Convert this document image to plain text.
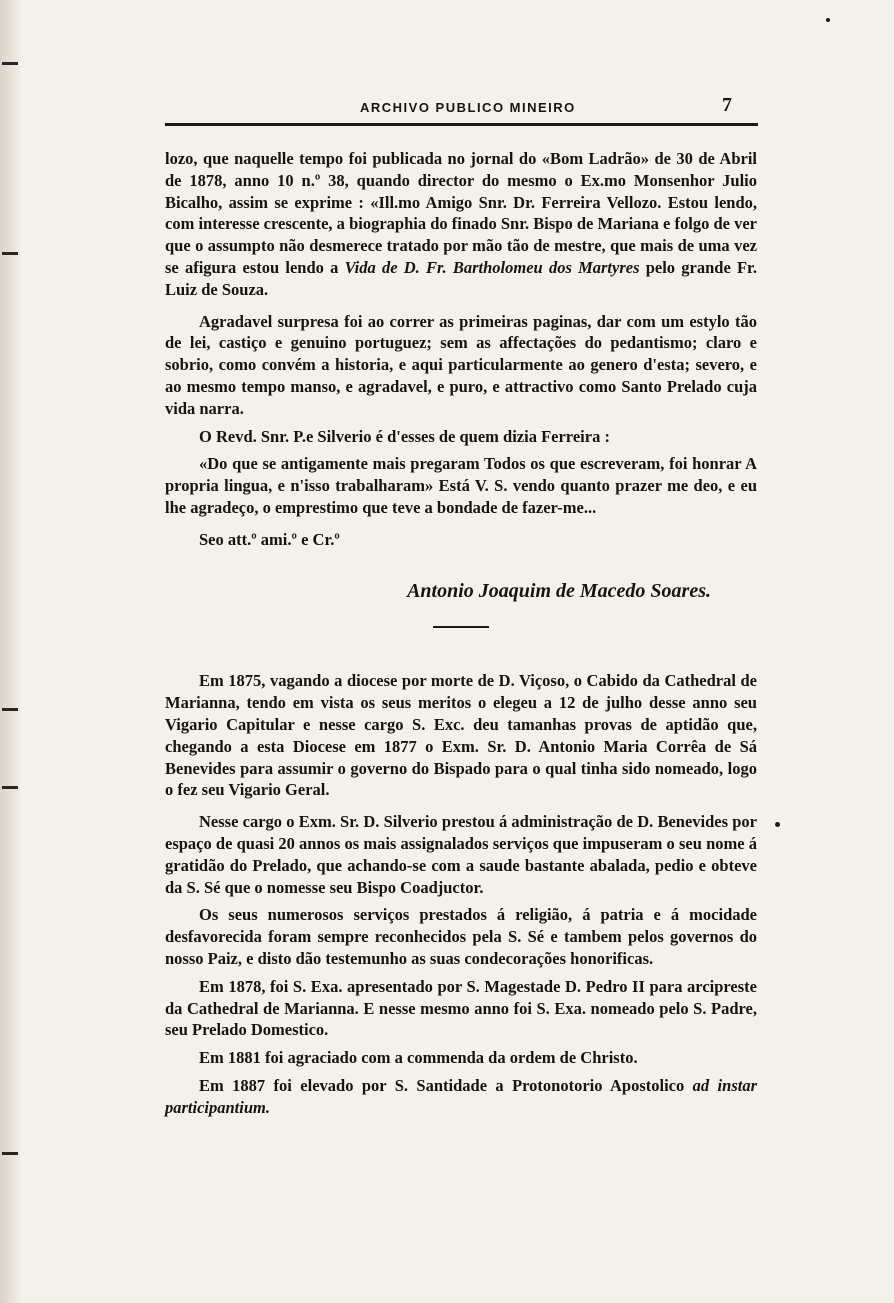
ARCHIVO PUBLICO MINEIRO	7

lozo, que naquelle tempo foi publicada no jornal do «Bom Ladrão» de 30 de Abril de 1878, anno 10 n.º 38, quando director do mesmo o Ex.mo Monsenhor Julio Bicalho, assim se exprime : «Ill.mo Amigo Snr. Dr. Ferreira Vellozo. Estou lendo, com interesse crescente, a biographia do finado Snr. Bispo de Mariana e folgo de ver que o assumpto não desmerece tratado por mão tão de mestre, que mais de uma vez se afigura estou lendo a Vida de D. Fr. Bartholomeu dos Martyres pelo grande Fr. Luiz de Souza.

Agradavel surpresa foi ao correr as primeiras paginas, dar com um estylo tão de lei, castiço e genuino portuguez; sem as affectações do pedantismo; claro e sobrio, como convém a historia, e aqui particularmente ao genero d'esta; severo, e ao mesmo tempo manso, e agradavel, e puro, e attractivo como Santo Prelado cuja vida narra.

O Revd. Snr. P.e Silverio é d'esses de quem dizia Ferreira :

«Do que se antigamente mais pregaram Todos os que escreveram, foi honrar A propria lingua, e n'isso trabalharam» Está V. S. vendo quanto prazer me deo, e eu lhe agradeço, o emprestimo que teve a bondade de fazer-me...

Seo att.º ami.º e Cr.º

Antonio Joaquim de Macedo Soares.

Em 1875, vagando a diocese por morte de D. Viçoso, o Cabido da Cathedral de Marianna, tendo em vista os seus meritos o elegeu a 12 de julho desse anno seu Vigario Capitular e nesse cargo S. Exc. deu tamanhas provas de aptidão que, chegando a esta Diocese em 1877 o Exm. Sr. D. Antonio Maria Corrêa de Sá Benevides para assumir o governo do Bispado para o qual tinha sido nomeado, logo o fez seu Vigario Geral.

Nesse cargo o Exm. Sr. D. Silverio prestou á administração de D. Benevides por espaço de quasi 20 annos os mais assignalados serviços que impuseram o seu nome á gratidão do Prelado, que achando-se com a saude bastante abalada, pedio e obteve da S. Sé que o nomesse seu Bispo Coadjuctor.

Os seus numerosos serviços prestados á religião, á patria e á mocidade desfavorecida foram sempre reconhecidos pela S. Sé e tambem pelos governos do nosso Paiz, e disto dão testemunho as suas condecorações honorificas.

Em 1878, foi S. Exa. apresentado por S. Magestade D. Pedro II para arcipreste da Cathedral de Marianna. E nesse mesmo anno foi S. Exa. nomeado pelo S. Padre, seu Prelado Domestico.

Em 1881 foi agraciado com a commenda da ordem de Christo.

Em 1887 foi elevado por S. Santidade a Protonotorio Apostolico ad instar participantium.
